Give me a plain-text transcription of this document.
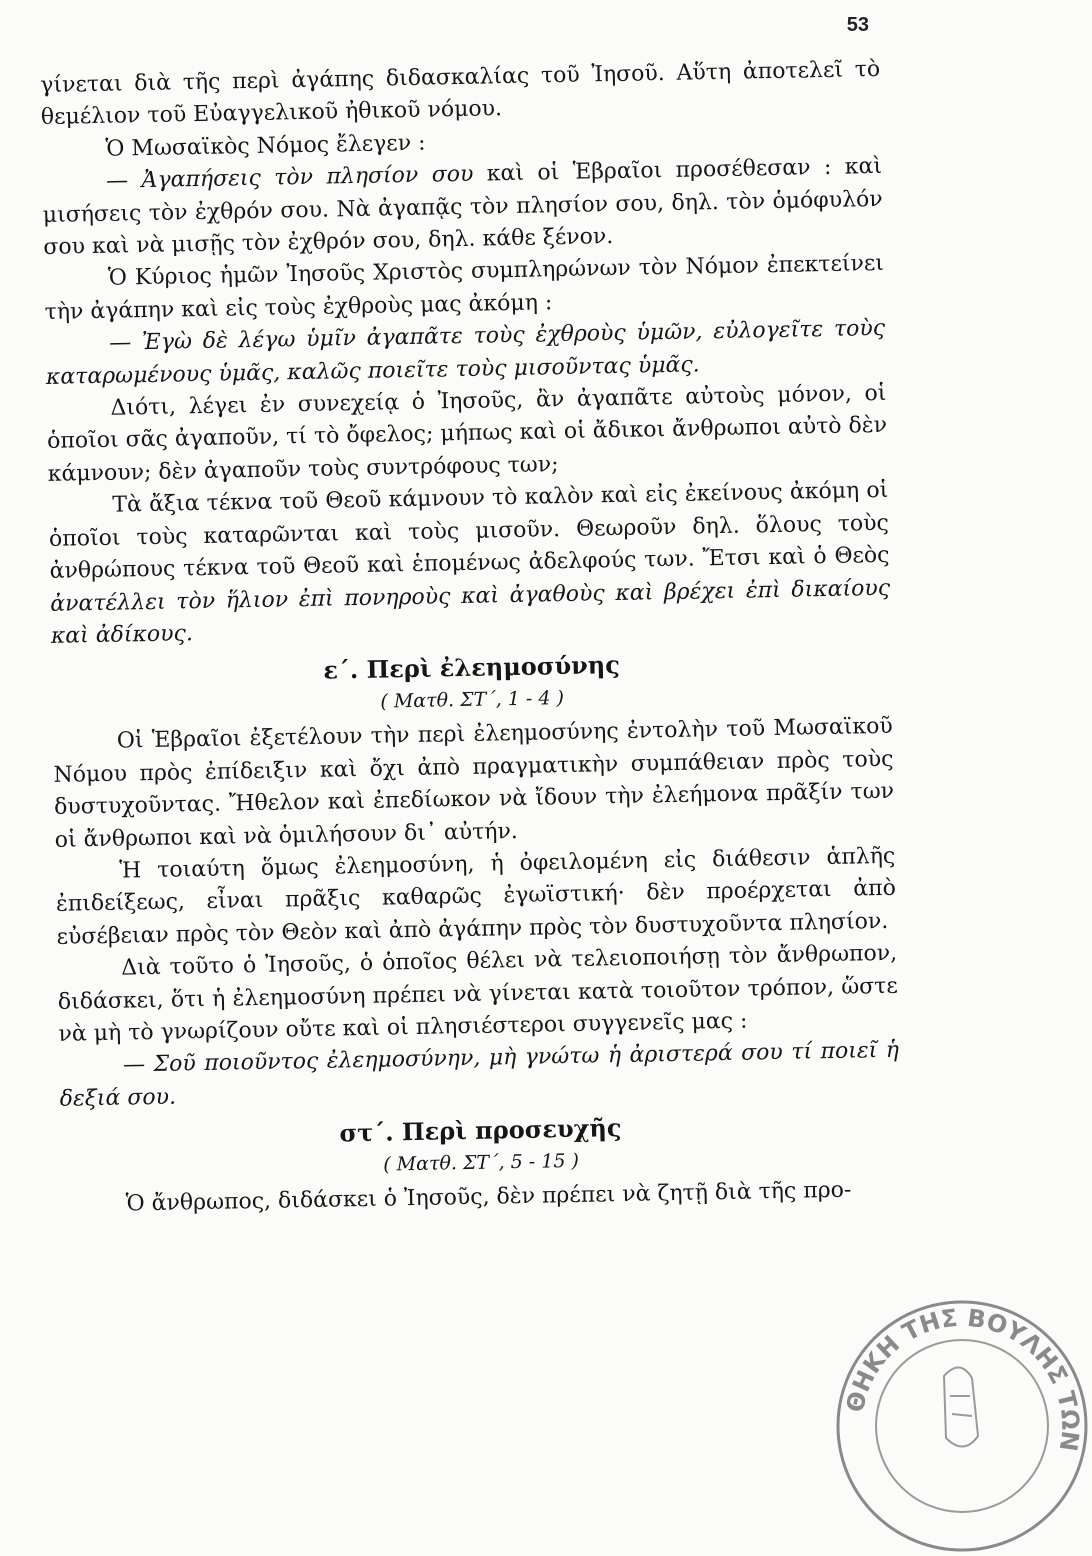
53

γίνεται διὰ τῆς περὶ ἀγάπης διδασκαλίας τοῦ Ἰησοῦ. Αὕτη ἀποτελεῖ τὸ θεμέλιον τοῦ Εὐαγγελικοῦ ἠθικοῦ νόμου.

Ὁ Μωσαϊκὸς Νόμος ἔλεγεν :

— Ἀγαπήσεις τὸν πλησίον σου καὶ οἱ Ἑβραῖοι προσέθεσαν : καὶ μισήσεις τὸν ἐχθρόν σου. Νὰ ἀγαπᾷς τὸν πλησίον σου, δηλ. τὸν ὁμόφυλόν σου καὶ νὰ μισῇς τὸν ἐχθρόν σου, δηλ. κάθε ξένον.

Ὁ Κύριος ἡμῶν Ἰησοῦς Χριστὸς συμπληρώνων τὸν Νόμον ἐπεκτείνει τὴν ἀγάπην καὶ εἰς τοὺς ἐχθροὺς μας ἀκόμη :

— Ἐγὼ δὲ λέγω ὑμῖν ἀγαπᾶτε τοὺς ἐχθροὺς ὑμῶν, εὐλογεῖτε τοὺς καταρωμένους ὑμᾶς, καλῶς ποιεῖτε τοὺς μισοῦντας ὑμᾶς.

Διότι, λέγει ἐν συνεχείᾳ ὁ Ἰησοῦς, ἂν ἀγαπᾶτε αὐτοὺς μόνον, οἱ ὁποῖοι σᾶς ἀγαποῦν, τί τὸ ὄφελος; μήπως καὶ οἱ ἄδικοι ἄνθρωποι αὐτὸ δὲν κάμνουν; δὲν ἀγαποῦν τοὺς συντρόφους των;

Τὰ ἄξια τέκνα τοῦ Θεοῦ κάμνουν τὸ καλὸν καὶ εἰς ἐκείνους ἀκόμη οἱ ὁποῖοι τοὺς καταρῶνται καὶ τοὺς μισοῦν. Θεωροῦν δηλ. ὅλους τοὺς ἀνθρώπους τέκνα τοῦ Θεοῦ καὶ ἑπομένως ἀδελφούς των. Ἔτσι καὶ ὁ Θεὸς ἀνατέλλει τὸν ἥλιον ἐπὶ πονηροὺς καὶ ἀγαθοὺς καὶ βρέχει ἐπὶ δικαίους καὶ ἀδίκους.

ε΄. Περὶ ἐλεημοσύνης
( Ματθ. ΣΤ΄, 1 - 4 )

Οἱ Ἑβραῖοι ἐξετέλουν τὴν περὶ ἐλεημοσύνης ἐντολὴν τοῦ Μωσαϊκοῦ Νόμου πρὸς ἐπίδειξιν καὶ ὄχι ἀπὸ πραγματικὴν συμπάθειαν πρὸς τοὺς δυστυχοῦντας. Ἤθελον καὶ ἐπεδίωκον νὰ ἴδουν τὴν ἐλεήμονα πρᾶξίν των οἱ ἄνθρωποι καὶ νὰ ὁμιλήσουν δι᾽ αὐτήν.

Ἡ τοιαύτη ὅμως ἐλεημοσύνη, ἡ ὀφειλομένη εἰς διάθεσιν ἁπλῆς ἐπιδείξεως, εἶναι πρᾶξις καθαρῶς ἐγωϊστική· δὲν προέρχεται ἀπὸ εὐσέβειαν πρὸς τὸν Θεὸν καὶ ἀπὸ ἀγάπην πρὸς τὸν δυστυχοῦντα πλησίον.

Διὰ τοῦτο ὁ Ἰησοῦς, ὁ ὁποῖος θέλει νὰ τελειοποιήσῃ τὸν ἄνθρωπον, διδάσκει, ὅτι ἡ ἐλεημοσύνη πρέπει νὰ γίνεται κατὰ τοιοῦτον τρόπον, ὥστε νὰ μὴ τὸ γνωρίζουν οὔτε καὶ οἱ πλησιέστεροι συγγενεῖς μας :

— Σοῦ ποιοῦντος ἐλεημοσύνην, μὴ γνώτω ἡ ἀριστερά σου τί ποιεῖ ἡ δεξιά σου.

στ΄. Περὶ προσευχῆς
( Ματθ. ΣΤ΄, 5 - 15 )

Ὁ ἄνθρωπος, διδάσκει ὁ Ἰησοῦς, δὲν πρέπει νὰ ζητῇ διὰ τῆς προ-

ΘΗΚΗ ΤΗΣ ΒΟΥΛΗΣ ΤΩΝ
